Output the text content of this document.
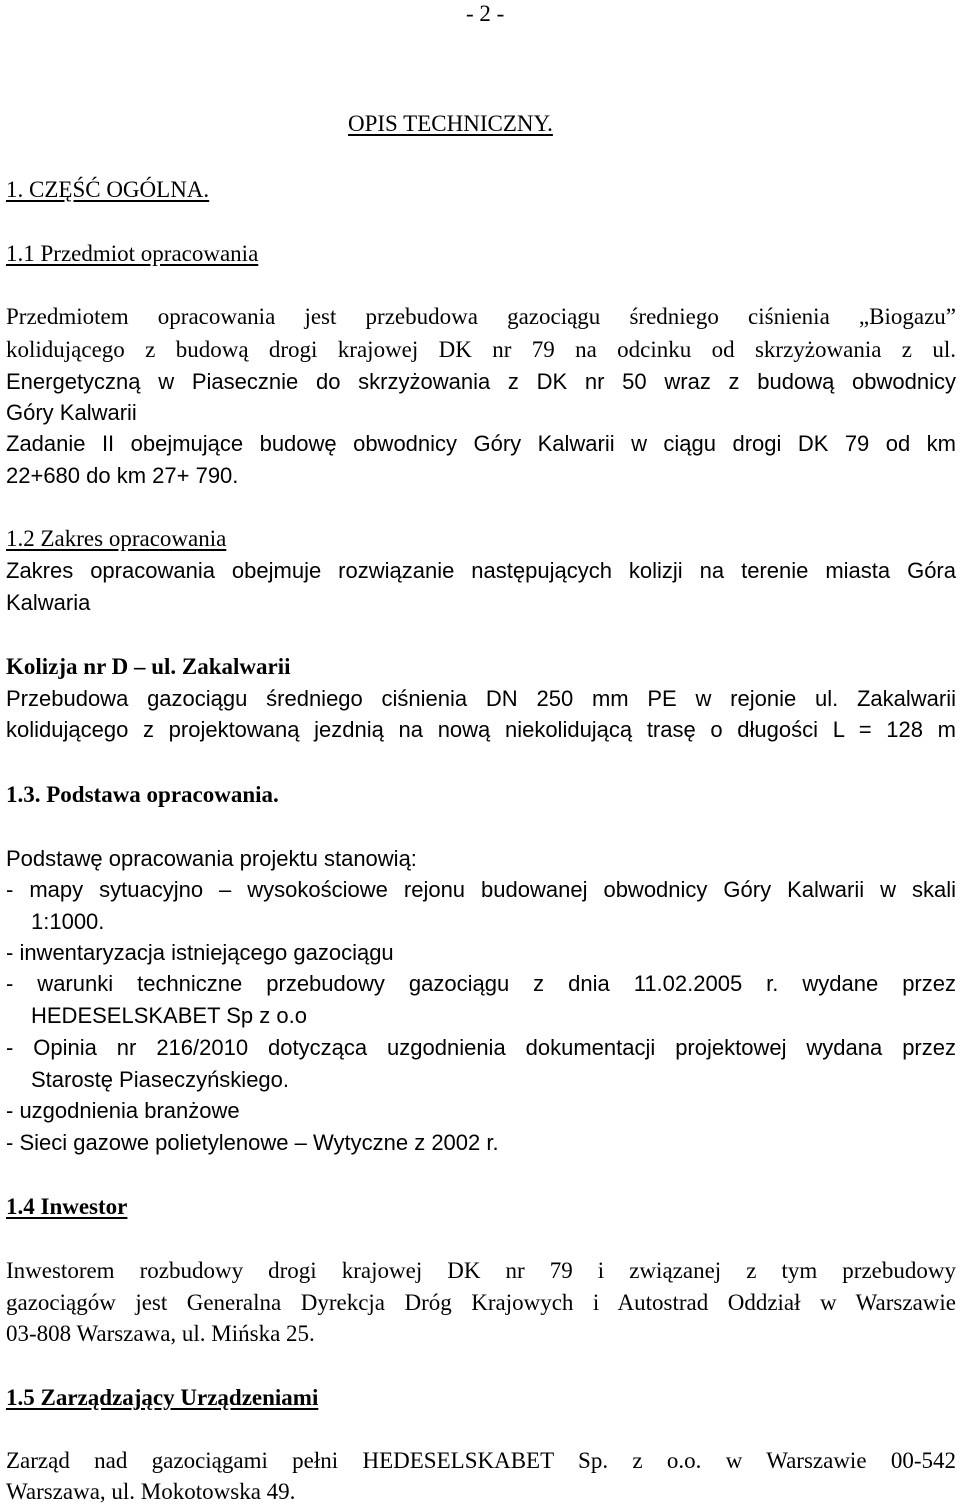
- 2 -
OPIS TECHNICZNY.
1. CZĘŚĆ OGÓLNA.
1.1 Przedmiot opracowania
Przedmiotem opracowania jest przebudowa gazociągu średniego ciśnienia „Biogazu”
kolidującego z budową drogi krajowej DK nr 79 na odcinku od skrzyżowania z ul.
Energetyczną w Piasecznie do skrzyżowania z DK nr 50 wraz z budową obwodnicy
Góry Kalwarii
Zadanie II obejmujące budowę obwodnicy Góry Kalwarii w ciągu drogi DK 79 od km
22+680 do km 27+ 790.
1.2 Zakres opracowania
Zakres opracowania obejmuje rozwiązanie następujących kolizji na terenie miasta Góra
Kalwaria
Kolizja nr D – ul. Zakalwarii
Przebudowa gazociągu średniego ciśnienia DN 250 mm PE w rejonie ul. Zakalwarii
kolidującego z projektowaną jezdnią na nową niekolidującą trasę o długości L = 128 m
1.3. Podstawa opracowania.
Podstawę opracowania projektu stanowią:
- mapy sytuacyjno – wysokościowe rejonu budowanej obwodnicy Góry Kalwarii w skali
1:1000.
- inwentaryzacja istniejącego gazociągu
- warunki techniczne przebudowy gazociągu z dnia 11.02.2005 r. wydane przez
HEDESELSKABET Sp z o.o
- Opinia nr 216/2010 dotycząca uzgodnienia dokumentacji projektowej wydana przez
Starostę Piaseczyńskiego.
- uzgodnienia branżowe
- Sieci gazowe polietylenowe – Wytyczne z 2002 r.
1.4 Inwestor
Inwestorem rozbudowy drogi krajowej DK nr 79 i związanej z tym przebudowy
gazociągów jest Generalna Dyrekcja Dróg Krajowych i Autostrad Oddział w Warszawie
03-808 Warszawa, ul. Mińska 25.
1.5 Zarządzający Urządzeniami
Zarząd nad gazociągami pełni HEDESELSKABET Sp. z o.o. w Warszawie 00-542
Warszawa, ul. Mokotowska 49.
